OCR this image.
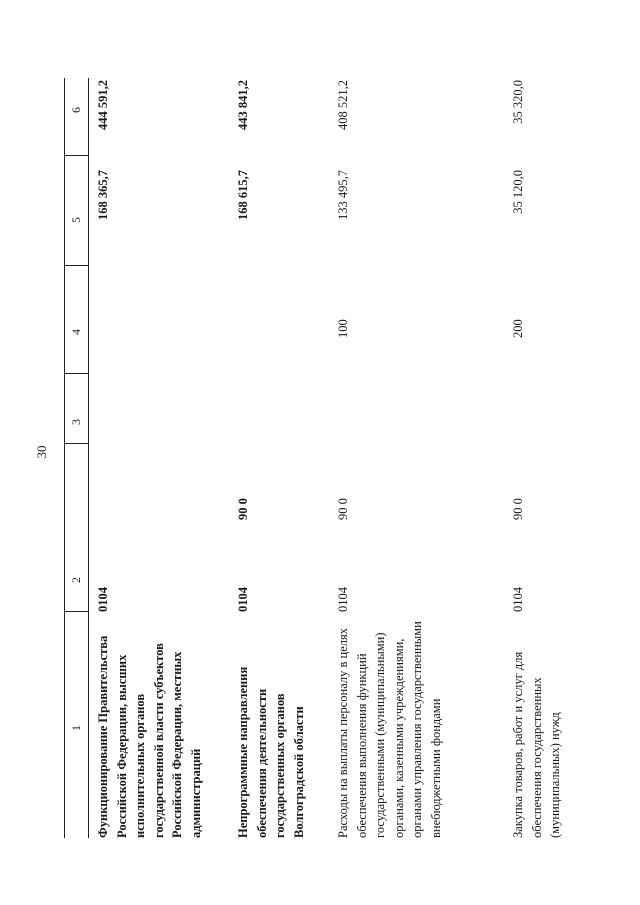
30
1
2
3
4
5
6
Функционирование Правительства Российской Федерации, высших исполнительных органов государственной власти субъектов Российской Федерации, местных администраций
0104
168 365,7
444 591,2
Непрограммные направления обеспечения деятельности государственных органов Волгоградской области
0104
90 0
168 615,7
443 841,2
Расходы на выплаты персоналу в целях обеспечения выполнения функций государственными (муниципальными) органами, казенными учреждениями, органами управления государственными внебюджетными фондами
0104
90 0
100
133 495,7
408 521,2
Закупка товаров, работ и услуг для обеспечения государственных (муниципальных) нужд
0104
90 0
200
35 120,0
35 320,0
